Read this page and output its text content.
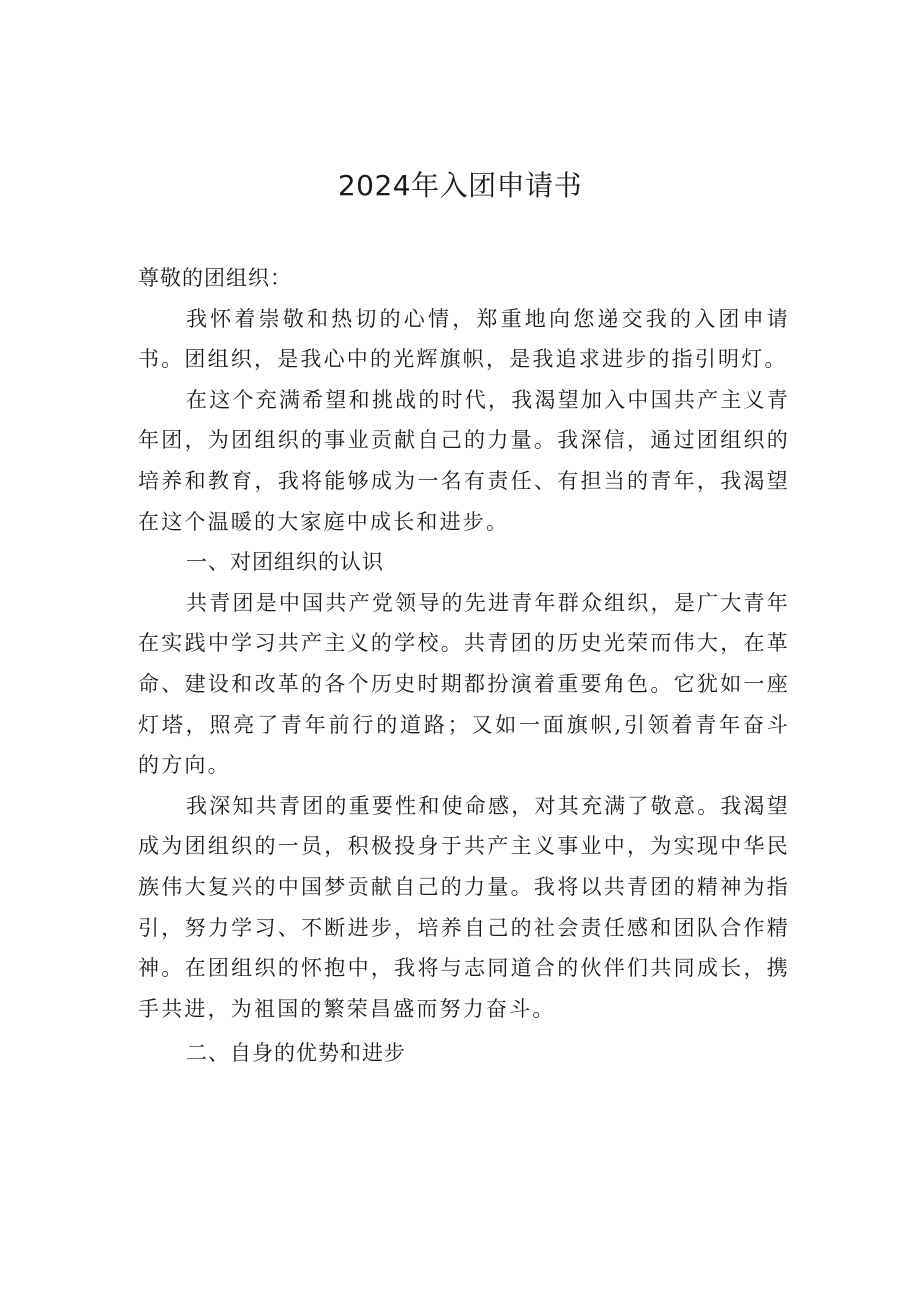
2024年入团申请书

尊敬的团组织：

我怀着崇敬和热切的心情，郑重地向您递交我的入团申请书。团组织，是我心中的光辉旗帜，是我追求进步的指引明灯。

在这个充满希望和挑战的时代，我渴望加入中国共产主义青年团，为团组织的事业贡献自己的力量。我深信，通过团组织的培养和教育，我将能够成为一名有责任、有担当的青年，我渴望在这个温暖的大家庭中成长和进步。

一、对团组织的认识

共青团是中国共产党领导的先进青年群众组织，是广大青年在实践中学习共产主义的学校。共青团的历史光荣而伟大，在革命、建设和改革的各个历史时期都扮演着重要角色。它犹如一座灯塔，照亮了青年前行的道路；又如一面旗帜,引领着青年奋斗的方向。

我深知共青团的重要性和使命感，对其充满了敬意。我渴望成为团组织的一员，积极投身于共产主义事业中，为实现中华民族伟大复兴的中国梦贡献自己的力量。我将以共青团的精神为指引，努力学习、不断进步，培养自己的社会责任感和团队合作精神。在团组织的怀抱中，我将与志同道合的伙伴们共同成长，携手共进，为祖国的繁荣昌盛而努力奋斗。

二、自身的优势和进步
